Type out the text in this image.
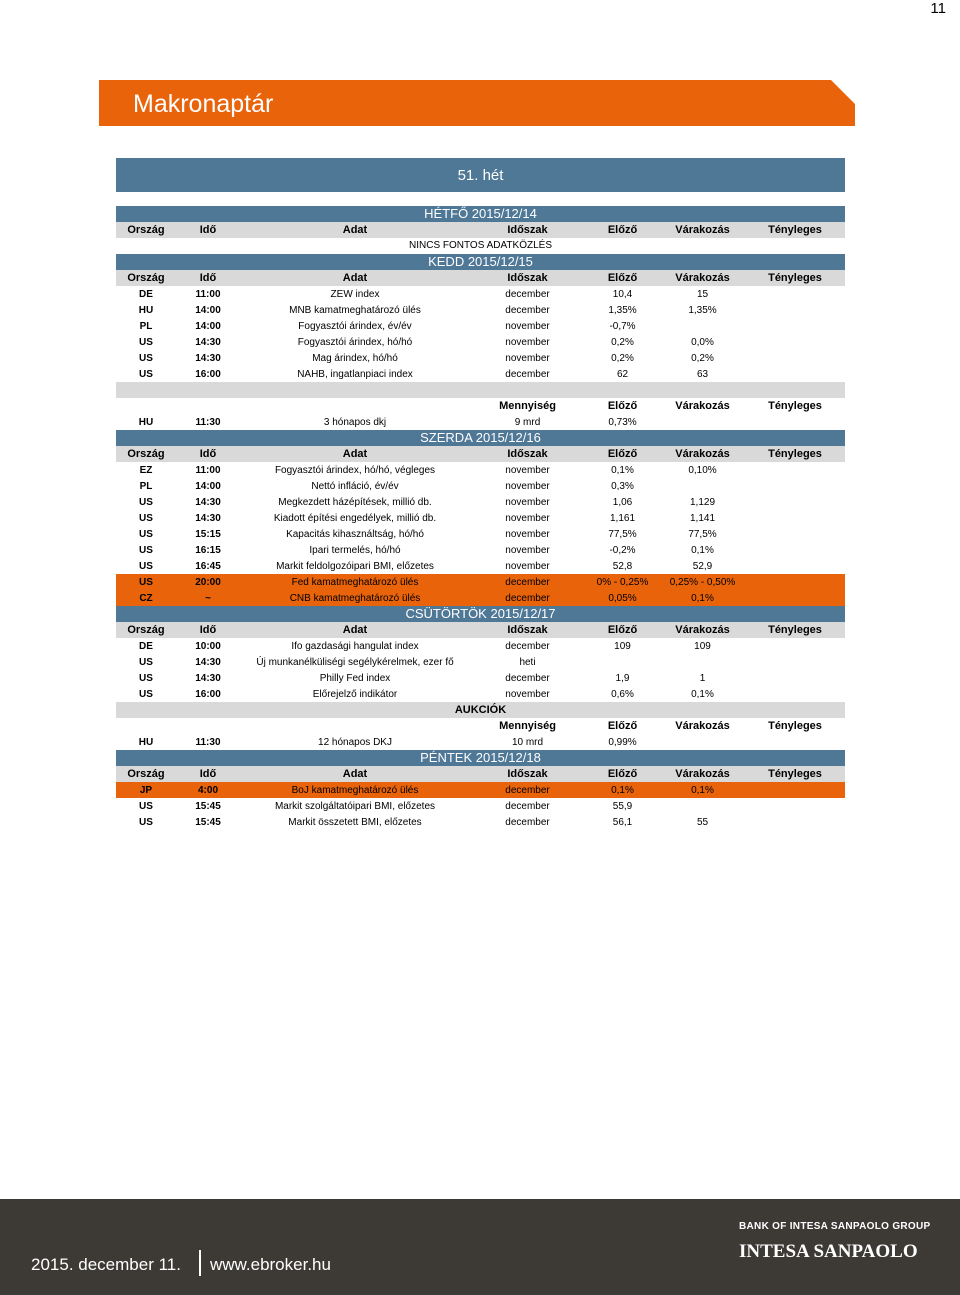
11
Makronaptár
51. hét
HÉTFŐ 2015/12/14
Ország	Idő	Adat	Időszak	Előző	Várakozás	Tényleges
NINCS FONTOS ADATKÖZLÉS
KEDD 2015/12/15
Ország	Idő	Adat	Időszak	Előző	Várakozás	Tényleges
DE	11:00	ZEW index	december	10,4	15
HU	14:00	MNB kamatmeghatározó ülés	december	1,35%	1,35%
PL	14:00	Fogyasztói árindex, év/év	november	-0,7%
US	14:30	Fogyasztói árindex, hó/hó	november	0,2%	0,0%
US	14:30	Mag árindex, hó/hó	november	0,2%	0,2%
US	16:00	NAHB, ingatlanpiaci index	december	62	63
Mennyiség	Előző	Várakozás	Tényleges
HU	11:30	3 hónapos dkj	9 mrd	0,73%
SZERDA 2015/12/16
Ország	Idő	Adat	Időszak	Előző	Várakozás	Tényleges
EZ	11:00	Fogyasztói árindex, hó/hó, végleges	november	0,1%	0,10%
PL	14:00	Nettó infláció, év/év	november	0,3%
US	14:30	Megkezdett házépítések, millió db.	november	1,06	1,129
US	14:30	Kiadott építési engedélyek, millió db.	november	1,161	1,141
US	15:15	Kapacitás kihasználtság, hó/hó	november	77,5%	77,5%
US	16:15	Ipari termelés, hó/hó	november	-0,2%	0,1%
US	16:45	Markit feldolgozóipari BMI, előzetes	november	52,8	52,9
US	20:00	Fed kamatmeghatározó ülés	december	0% - 0,25%	0,25% - 0,50%
CZ	~	CNB kamatmeghatározó ülés	december	0,05%	0,1%
CSÜTÖRTÖK 2015/12/17
Ország	Idő	Adat	Időszak	Előző	Várakozás	Tényleges
DE	10:00	Ifo gazdasági hangulat index	december	109	109
US	14:30	Új munkanélküliségi segélykérelmek, ezer fő	heti
US	14:30	Philly Fed index	december	1,9	1
US	16:00	Előrejelző indikátor	november	0,6%	0,1%
AUKCIÓK
Mennyiség	Előző	Várakozás	Tényleges
HU	11:30	12 hónapos DKJ	10 mrd	0,99%
PÉNTEK 2015/12/18
Ország	Idő	Adat	Időszak	Előző	Várakozás	Tényleges
JP	4:00	BoJ kamatmeghatározó ülés	december	0,1%	0,1%
US	15:45	Markit szolgáltatóipari BMI, előzetes	december	55,9
US	15:45	Markit összetett BMI, előzetes	december	56,1	55
BANK OF INTESA SANPAOLO GROUP
INTESA SANPAOLO
2015. december 11. www.ebroker.hu
